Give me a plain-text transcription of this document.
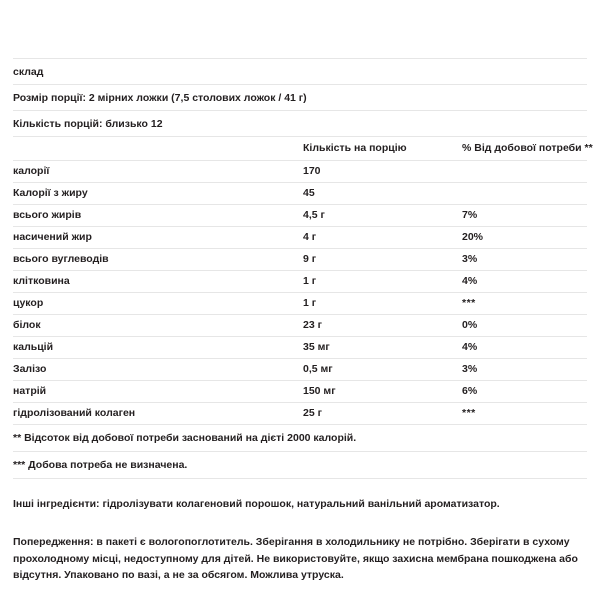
склад
Розмір порції: 2 мірних ложки (7,5 столових ложок / 41 г)
Кількість порцій: близько 12
	Кількість на порцію	% Від добової потреби **
калорії	170	
Калорії з жиру	45	
всього жирів	4,5 г	7%
насичений жир	4 г	20%
всього вуглеводів	9 г	3%
клітковина	1 г	4%
цукор	1 г	***
білок	23 г	0%
кальцій	35 мг	4%
Залізо	0,5 мг	3%
натрій	150 мг	6%
гідролізований колаген	25 г	***
** Відсоток від добової потреби заснований на дієті 2000 калорій.
*** Добова потреба не визначена.

Інші інгредієнти: гідролізувати колагеновий порошок, натуральний ванільний ароматизатор.

Попередження: в пакеті є вологопоглотитель. Зберігання в холодильнику не потрібно. Зберігати в сухому прохолодному місці, недоступному для дітей. Не використовуйте, якщо захисна мембрана пошкоджена або відсутня. Упаковано по вазі, а не за обсягом. Можлива утруска.
